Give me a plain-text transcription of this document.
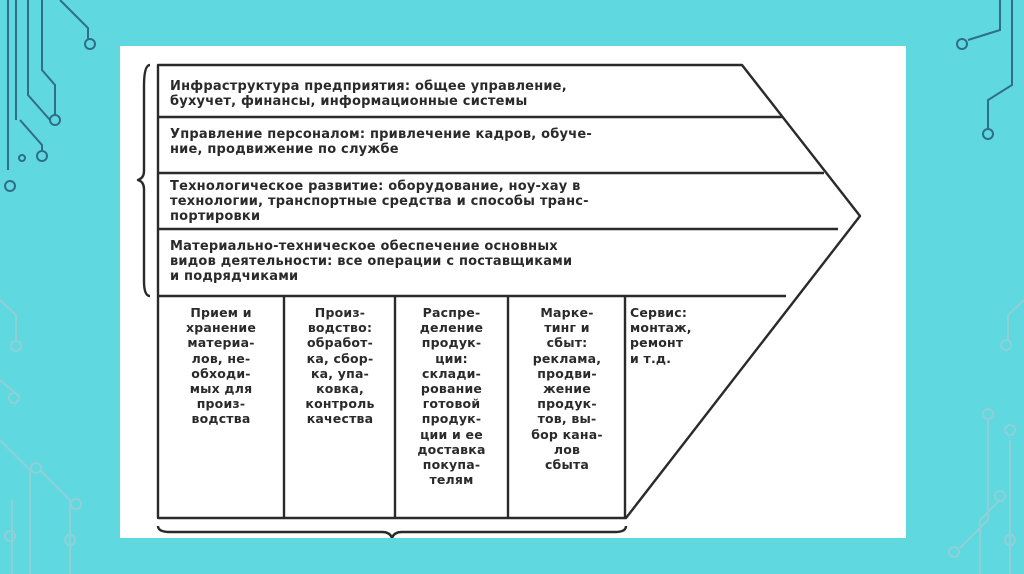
Инфраструктура предприятия: общее управление,
бухучет, финансы, информационные системы

Управление персоналом: привлечение кадров, обуче-
ние, продвижение по службе

Технологическое развитие: оборудование, ноу-хау в
технологии, транспортные средства и способы транс-
портировки

Материально-техническое обеспечение основных
видов деятельности: все операции с поставщиками
и подрядчиками

Прием и
хранение
материа-
лов, не-
обходи-
мых для
произ-
водства

Произ-
водство:
обработ-
ка, сбор-
ка, упа-
ковка,
контроль
качества

Распре-
деление
продук-
ции:
склади-
рование
готовой
продук-
ции и ее
доставка
покупа-
телям

Марке-
тинг и
сбыт:
реклама,
продви-
жение
продук-
тов, вы-
бор кана-
лов
сбыта

Сервис:
монтаж,
ремонт
и т.д.
